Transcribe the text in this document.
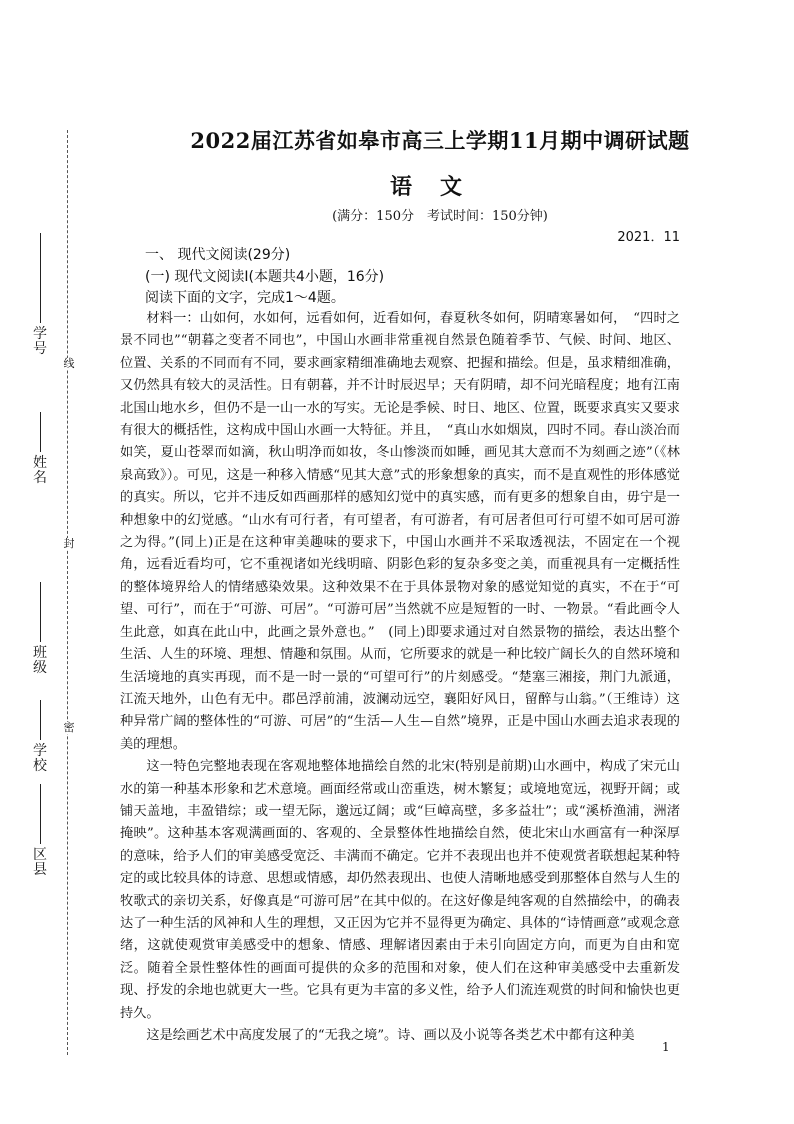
密
封
线
学号
姓名
班级
学校
区县
2022届江苏省如皋市高三上学期11月期中调研试题
语文
(满分：150分　考试时间：150分钟)
2021．11
一、 现代文阅读(29分)
(一) 现代文阅读Ⅰ(本题共4小题，16分)
阅读下面的文字，完成1～4题。

材料一：山如何，水如何，远看如何，近看如何，春夏秋冬如何，阴晴寒暑如何，　“四时之景不同也”“朝暮之变者不同也”，中国山水画非常重视自然景色随着季节、气候、时间、地区、位置、关系的不同而有不同，要求画家精细准确地去观察、把握和描绘。但是，虽求精细准确，又仍然具有较大的灵活性。日有朝暮，并不计时辰迟早；天有阴晴，却不问光暗程度；地有江南北国山地水乡，但仍不是一山一水的写实。无论是季候、时日、地区、位置，既要求真实又要求有很大的概括性，这构成中国山水画一大特征。并且，　“真山水如烟岚，四时不同。春山淡冶而如笑，夏山苍翠而如滴，秋山明净而如妆，冬山惨淡而如睡，画见其大意而不为刻画之迹”（《林泉高致》）。可见，这是一种移入情感“见其大意”式的形象想象的真实，而不是直观性的形体感觉的真实。所以，它并不违反如西画那样的感知幻觉中的真实感，而有更多的想象自由，毋宁是一种想象中的幻觉感。“山水有可行者，有可望者，有可游者，有可居者但可行可望不如可居可游之为得。”(同上)正是在这种审美趣味的要求下，中国山水画并不采取透视法，不固定在一个视角，远看近看均可，它不重视诸如光线明暗、阴影色彩的复杂多变之美，而重视具有一定概括性的整体境界给人的情绪感染效果。这种效果不在于具体景物对象的感觉知觉的真实，不在于“可望、可行”，而在于“可游、可居”。“可游可居”当然就不应是短暂的一时、一物景。“看此画令人生此意，如真在此山中，此画之景外意也。”　(同上)即要求通过对自然景物的描绘，表达出整个生活、人生的环境、理想、情趣和氛围。从而，它所要求的就是一种比较广阔长久的自然环境和生活境地的真实再现，而不是一时一景的“可望可行”的片刻感受。“楚塞三湘接，荆门九派通，江流天地外，山色有无中。郡邑浮前浦，波澜动远空，襄阳好风日，留醉与山翁。”（王维诗）这种异常广阔的整体性的“可游、可居”的“生活—人生—自然”境界，正是中国山水画去追求表现的美的理想。

这一特色完整地表现在客观地整体地描绘自然的北宋(特别是前期)山水画中，构成了宋元山水的第一种基本形象和艺术意境。画面经常或山峦重迭，树木繁复；或境地宽远，视野开阔；或铺天盖地，丰盈错综；或一望无际，邈远辽阔；或“巨嶂高壁，多多益壮”；或“溪桥渔浦，洲渚掩映”。这种基本客观满画面的、客观的、全景整体性地描绘自然，使北宋山水画富有一种深厚的意味，给予人们的审美感受宽泛、丰满而不确定。它并不表现出也并不使观赏者联想起某种特定的或比较具体的诗意、思想或情感，却仍然表现出、也使人清晰地感受到那整体自然与人生的牧歌式的亲切关系，好像真是“可游可居”在其中似的。在这好像是纯客观的自然描绘中，的确表达了一种生活的风神和人生的理想，又正因为它并不显得更为确定、具体的“诗情画意”或观念意绪，这就使观赏审美感受中的想象、情感、理解诸因素由于未引向固定方向，而更为自由和宽泛。随着全景性整体性的画面可提供的众多的范围和对象，使人们在这种审美感受中去重新发现、抒发的余地也就更大一些。它具有更为丰富的多义性，给予人们流连观赏的时间和愉快也更持久。

这是绘画艺术中高度发展了的“无我之境”。诗、画以及小说等各类艺术中都有这种美

1
